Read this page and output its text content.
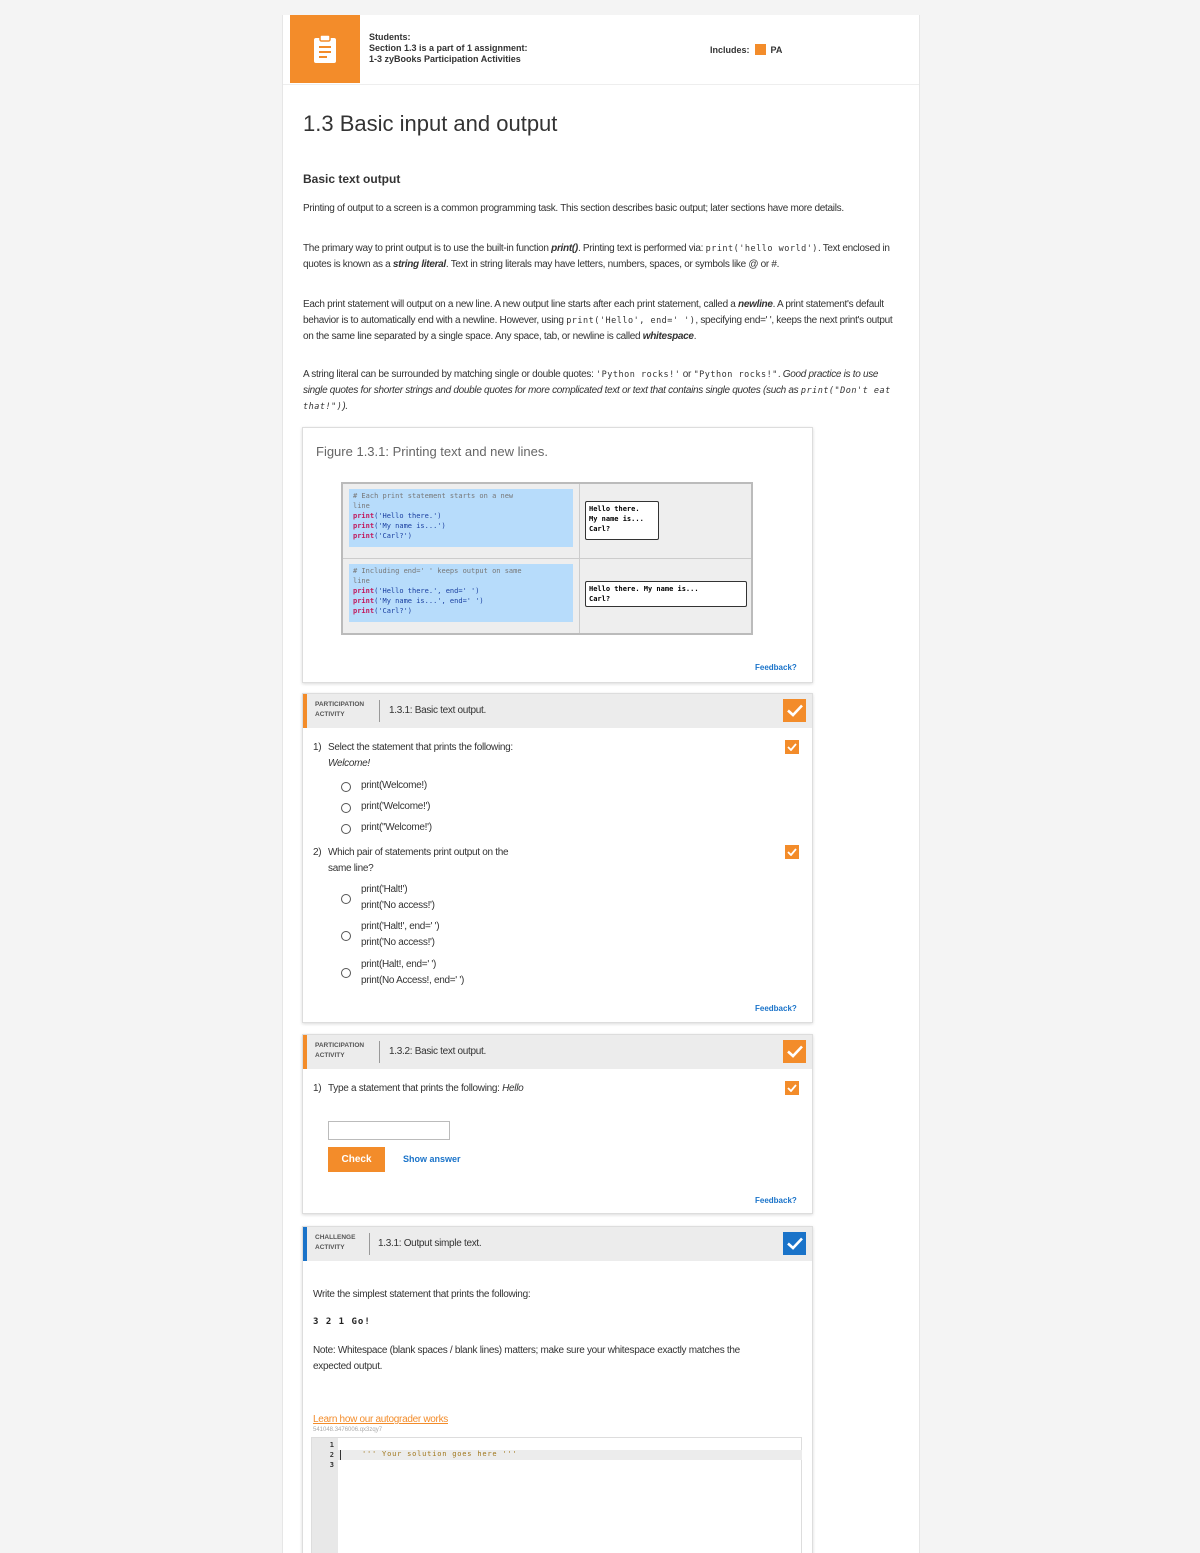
Students:
Section 1.3 is a part of 1 assignment:
1-3 zyBooks Participation Activities
Includes: PA
1.3 Basic input and output
Basic text output
Printing of output to a screen is a common programming task. This section describes basic output; later sections have more details.
The primary way to print output is to use the built-in function print(). Printing text is performed via: print('hello world'). Text enclosed in quotes is known as a string literal. Text in string literals may have letters, numbers, spaces, or symbols like @ or #.
Each print statement will output on a new line. A new output line starts after each print statement, called a newline. A print statement's default behavior is to automatically end with a newline. However, using print('Hello', end=' '), specifying end=' ', keeps the next print's output on the same line separated by a single space. Any space, tab, or newline is called whitespace.
A string literal can be surrounded by matching single or double quotes: 'Python rocks!' or "Python rocks!". Good practice is to use single quotes for shorter strings and double quotes for more complicated text or text that contains single quotes (such as print("Don't eat that!")).
Figure 1.3.1: Printing text and new lines.
# Each print statement starts on a new
line
print('Hello there.')
print('My name is...')
print('Carl?')
Hello there.
My name is...
Carl?
# Including end=' ' keeps output on same
line
print('Hello there.', end=' ')
print('My name is...', end=' ')
print('Carl?')
Hello there. My name is...
Carl?
Feedback?
PARTICIPATION
ACTIVITY	1.3.1: Basic text output.
1) Select the statement that prints the following: Welcome!
print(Welcome!)
print('Welcome!')
print("Welcome!')
2) Which pair of statements print output on the same line?
print('Halt!')
print('No access!')
print('Halt!', end=' ')
print('No access!')
print(Halt!, end=' ')
print(No Access!, end=' ')
Feedback?
PARTICIPATION
ACTIVITY	1.3.2: Basic text output.
1) Type a statement that prints the following: Hello
Check	Show answer
Feedback?
CHALLENGE
ACTIVITY	1.3.1: Output simple text.
Write the simplest statement that prints the following:
3 2 1 Go!
Note: Whitespace (blank spaces / blank lines) matters; make sure your whitespace exactly matches the expected output.
Learn how our autograder works
541048.3476006.qx3zqy7
1
2
3
''' Your solution goes here '''
